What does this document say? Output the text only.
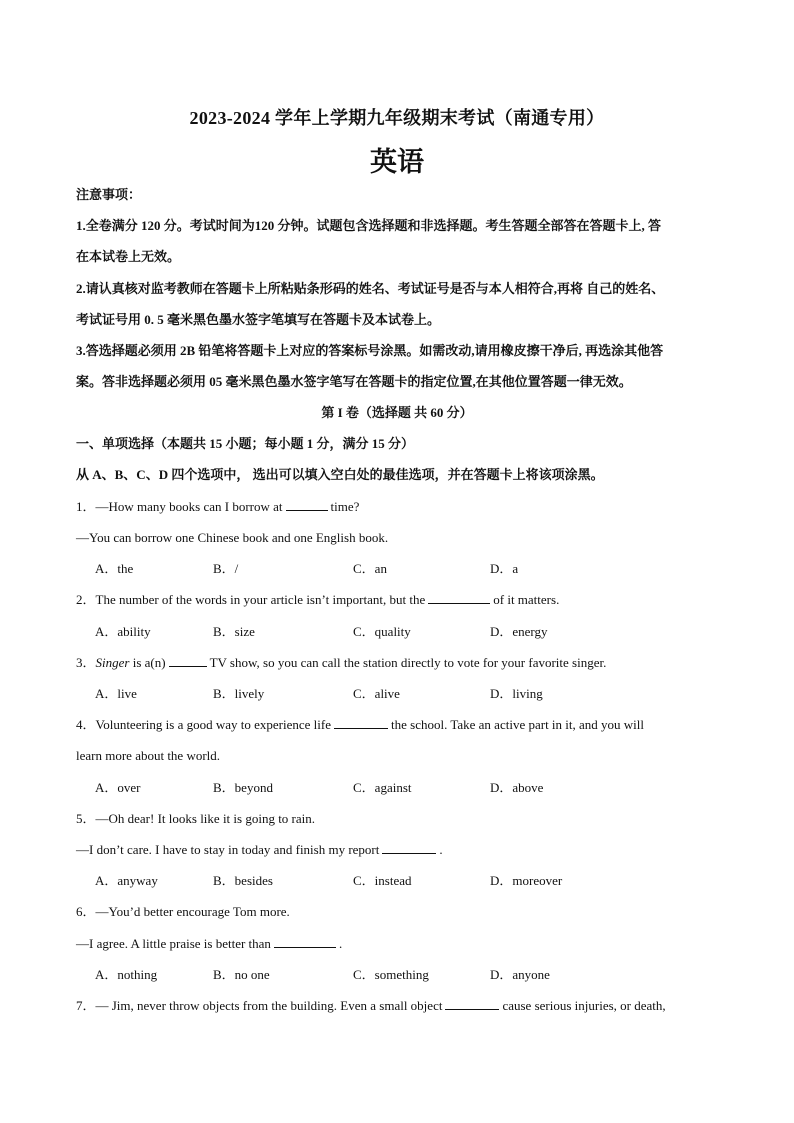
2023-2024 学年上学期九年级期末考试（南通专用）
英语
注意事项：
1.全卷满分 120 分。考试时间为120 分钟。试题包含选择题和非选择题。考生答题全部答在答题卡上, 答
在本试卷上无效。
2.请认真核对监考教师在答题卡上所粘贴条形码的姓名、考试证号是否与本人相符合,再将 自己的姓名、
考试证号用 0. 5 毫米黑色墨水签字笔填写在答题卡及本试卷上。
3.答选择题必须用 2B 铅笔将答题卡上对应的答案标号涂黑。如需改动,请用橡皮擦干净后, 再选涂其他答
案。答非选择题必须用 05 毫米黑色墨水签字笔写在答题卡的指定位置,在其他位置答题一律无效。
第 I 卷（选择题 共 60 分）
一、单项选择（本题共 15 小题；每小题 1 分，满分 15 分）
从 A、B、C、D 四个选项中， 选出可以填入空白处的最佳选项，并在答题卡上将该项涂黑。
1．—How many books can I borrow at	time?
—You can borrow one Chinese book and one English book.
A．the	B．/	C．an	D．a
2．The number of the words in your article isn’t important, but the	of it matters.
A．ability	B．size	C．quality	D．energy
3．Singer is a(n)	TV show, so you can call the station directly to vote for your favorite singer.
A．live	B．lively	C．alive	D．living
4．Volunteering is a good way to experience life	the school. Take an active part in it, and you will
learn more about the world.
A．over	B．beyond	C．against	D．above
5．—Oh dear! It looks like it is going to rain.
—I don’t care. I have to stay in today and finish my report	.
A．anyway	B．besides	C．instead	D．moreover
6．—You’d better encourage Tom more.
—I agree. A little praise is better than	.
A．nothing	B．no one	C．something	D．anyone
7．— Jim, never throw objects from the building. Even a small object	cause serious injuries, or death,
